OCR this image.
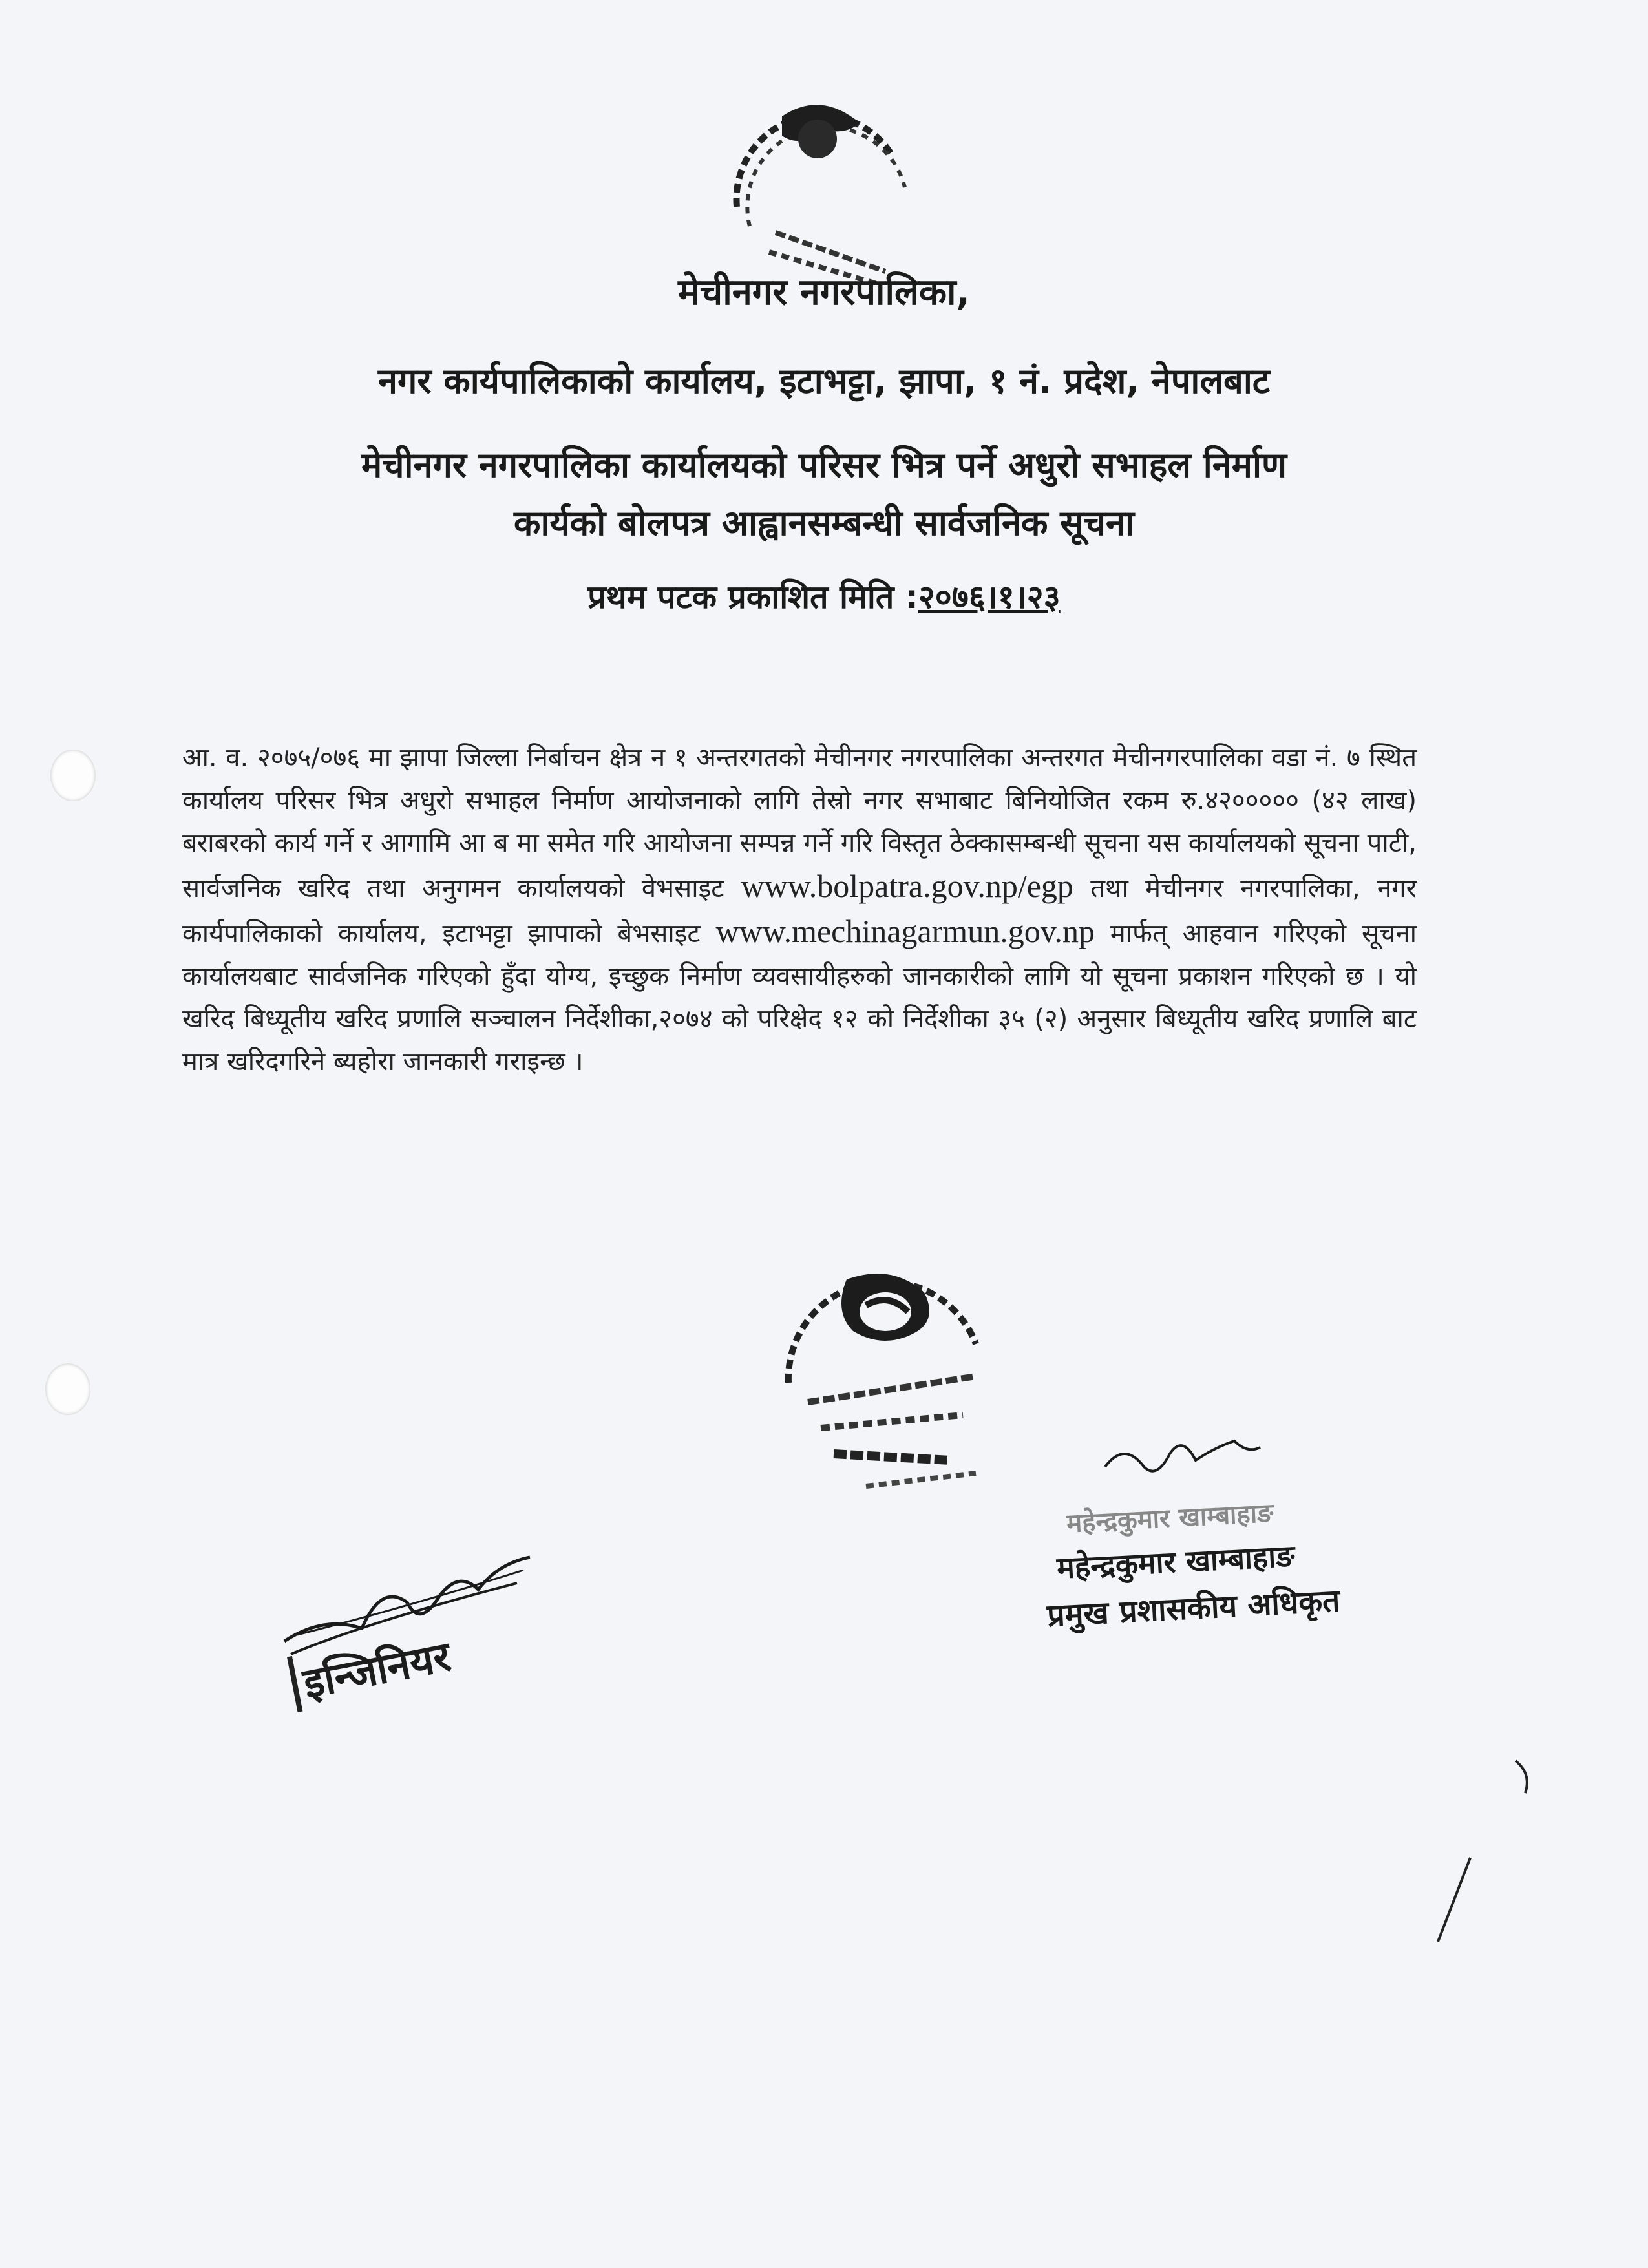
मेचीनगर नगरपालिका,
नगर कार्यपालिकाको कार्यालय, इटाभट्टा, झापा, १ नं. प्रदेश, नेपालबाट
मेचीनगर नगरपालिका कार्यालयको परिसर भित्र पर्ने अधुरो सभाहल निर्माण
कार्यको बोलपत्र आह्वानसम्बन्धी सार्वजनिक सूचना
प्रथम पटक प्रकाशित मिति :२०७६।१।२३
आ. व. २०७५/०७६ मा झापा जिल्ला निर्बाचन क्षेत्र न १ अन्तरगतको मेचीनगर नगरपालिका अन्तरगत मेचीनगरपालिका वडा नं. ७ स्थित कार्यालय परिसर भित्र अधुरो सभाहल निर्माण आयोजनाको लागि तेस्रो नगर सभाबाट बिनियोजित रकम रु.४२००००० (४२ लाख) बराबरको कार्य गर्ने र आगामि आ ब मा समेत गरि आयोजना सम्पन्न गर्ने गरि विस्तृत ठेक्कासम्बन्धी सूचना यस कार्यालयको सूचना पाटी, सार्वजनिक खरिद तथा अनुगमन कार्यालयको वेभसाइट www.bolpatra.gov.np/egp तथा मेचीनगर नगरपालिका, नगर कार्यपालिकाको कार्यालय, इटाभट्टा झापाको बेभसाइट www.mechinagarmun.gov.np मार्फत् आहवान गरिएको सूचना कार्यालयबाट सार्वजनिक गरिएको हुँदा योग्य, इच्छुक निर्माण व्यवसायीहरुको जानकारीको लागि यो सूचना प्रकाशन गरिएको छ । यो खरिद बिध्यूतीय खरिद प्रणालि सञ्चालन निर्देशीका,२०७४ को परिक्षेद १२ को निर्देशीका ३५ (२) अनुसार बिध्यूतीय खरिद प्रणालि बाट मात्र खरिदगरिने ब्यहोरा जानकारी गराइन्छ ।
इन्जिनियर
महेन्द्रकुमार खाम्बाहाङ
महेन्द्रकुमार खाम्बाहाङ
प्रमुख प्रशासकीय अधिकृत
